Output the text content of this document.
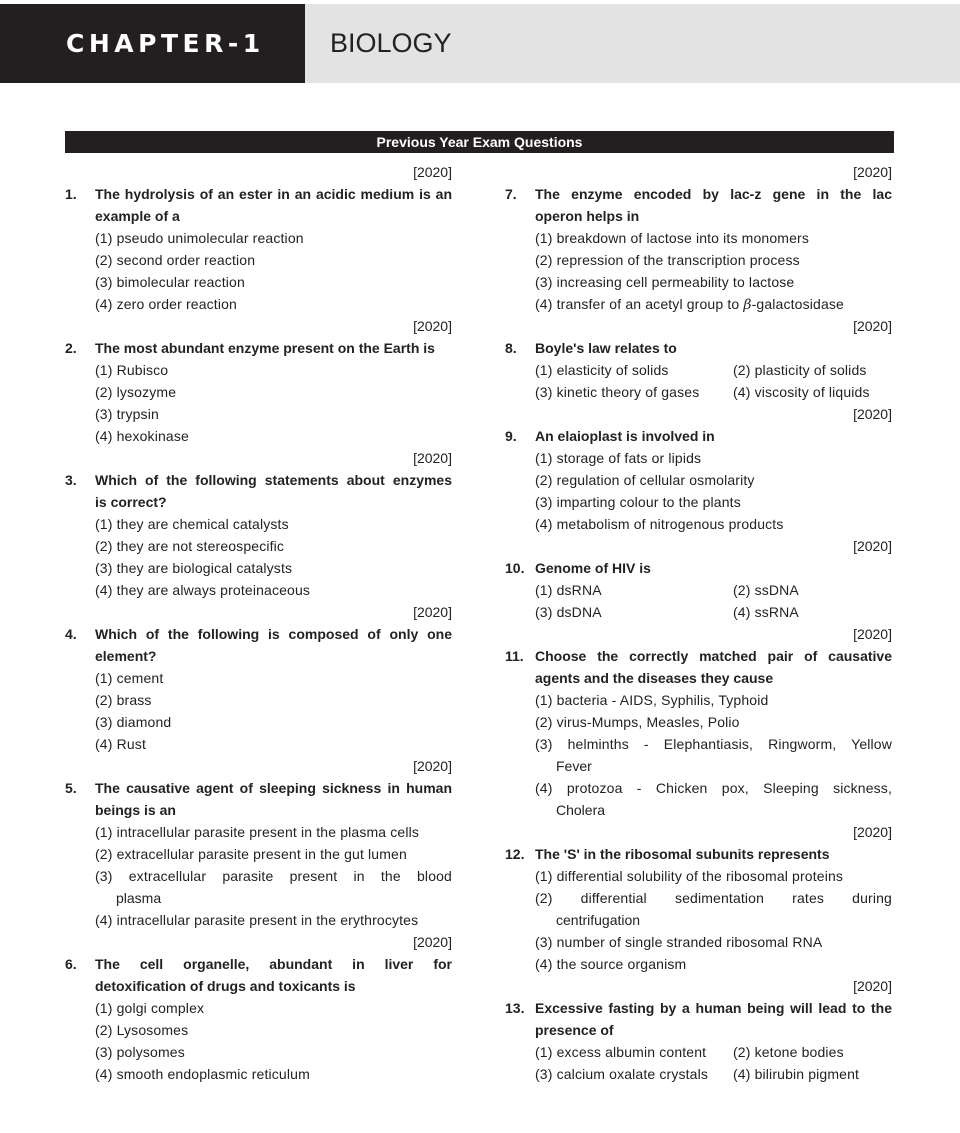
CHAPTER-1	BIOLOGY
Previous Year Exam Questions
[2020]
1. The hydrolysis of an ester in an acidic medium is an
example of a
(1) pseudo unimolecular reaction
(2) second order reaction
(3) bimolecular reaction
(4) zero order reaction
[2020]
2. The most abundant enzyme present on the Earth is
(1) Rubisco
(2) lysozyme
(3) trypsin
(4) hexokinase
[2020]
3. Which of the following statements about enzymes
is correct?
(1) they are chemical catalysts
(2) they are not stereospecific
(3) they are biological catalysts
(4) they are always proteinaceous
[2020]
4. Which of the following is composed of only one
element?
(1) cement
(2) brass
(3) diamond
(4) Rust
[2020]
5. The causative agent of sleeping sickness in human
beings is an
(1) intracellular parasite present in the plasma cells
(2) extracellular parasite present in the gut lumen
(3) extracellular parasite present in the blood
plasma
(4) intracellular parasite present in the erythrocytes
[2020]
6. The cell organelle, abundant in liver for
detoxification of drugs and toxicants is
(1) golgi complex
(2) Lysosomes
(3) polysomes
(4) smooth endoplasmic reticulum
[2020]
7. The enzyme encoded by lac-z gene in the lac
operon helps in
(1) breakdown of lactose into its monomers
(2) repression of the transcription process
(3) increasing cell permeability to lactose
(4) transfer of an acetyl group to β-galactosidase
[2020]
8. Boyle's law relates to
(1) elasticity of solids	(2) plasticity of solids
(3) kinetic theory of gases (4) viscosity of liquids
[2020]
9. An elaioplast is involved in
(1) storage of fats or lipids
(2) regulation of cellular osmolarity
(3) imparting colour to the plants
(4) metabolism of nitrogenous products
[2020]
10. Genome of HIV is
(1) dsRNA	(2) ssDNA
(3) dsDNA	(4) ssRNA
[2020]
11. Choose the correctly matched pair of causative
agents and the diseases they cause
(1) bacteria - AIDS, Syphilis, Typhoid
(2) virus-Mumps, Measles, Polio
(3) helminths - Elephantiasis, Ringworm, Yellow
Fever
(4) protozoa - Chicken pox, Sleeping sickness,
Cholera
[2020]
12. The 'S' in the ribosomal subunits represents
(1) differential solubility of the ribosomal proteins
(2) differential sedimentation rates during
centrifugation
(3) number of single stranded ribosomal RNA
(4) the source organism
[2020]
13. Excessive fasting by a human being will lead to the
presence of
(1) excess albumin content (2) ketone bodies
(3) calcium oxalate crystals (4) bilirubin pigment
